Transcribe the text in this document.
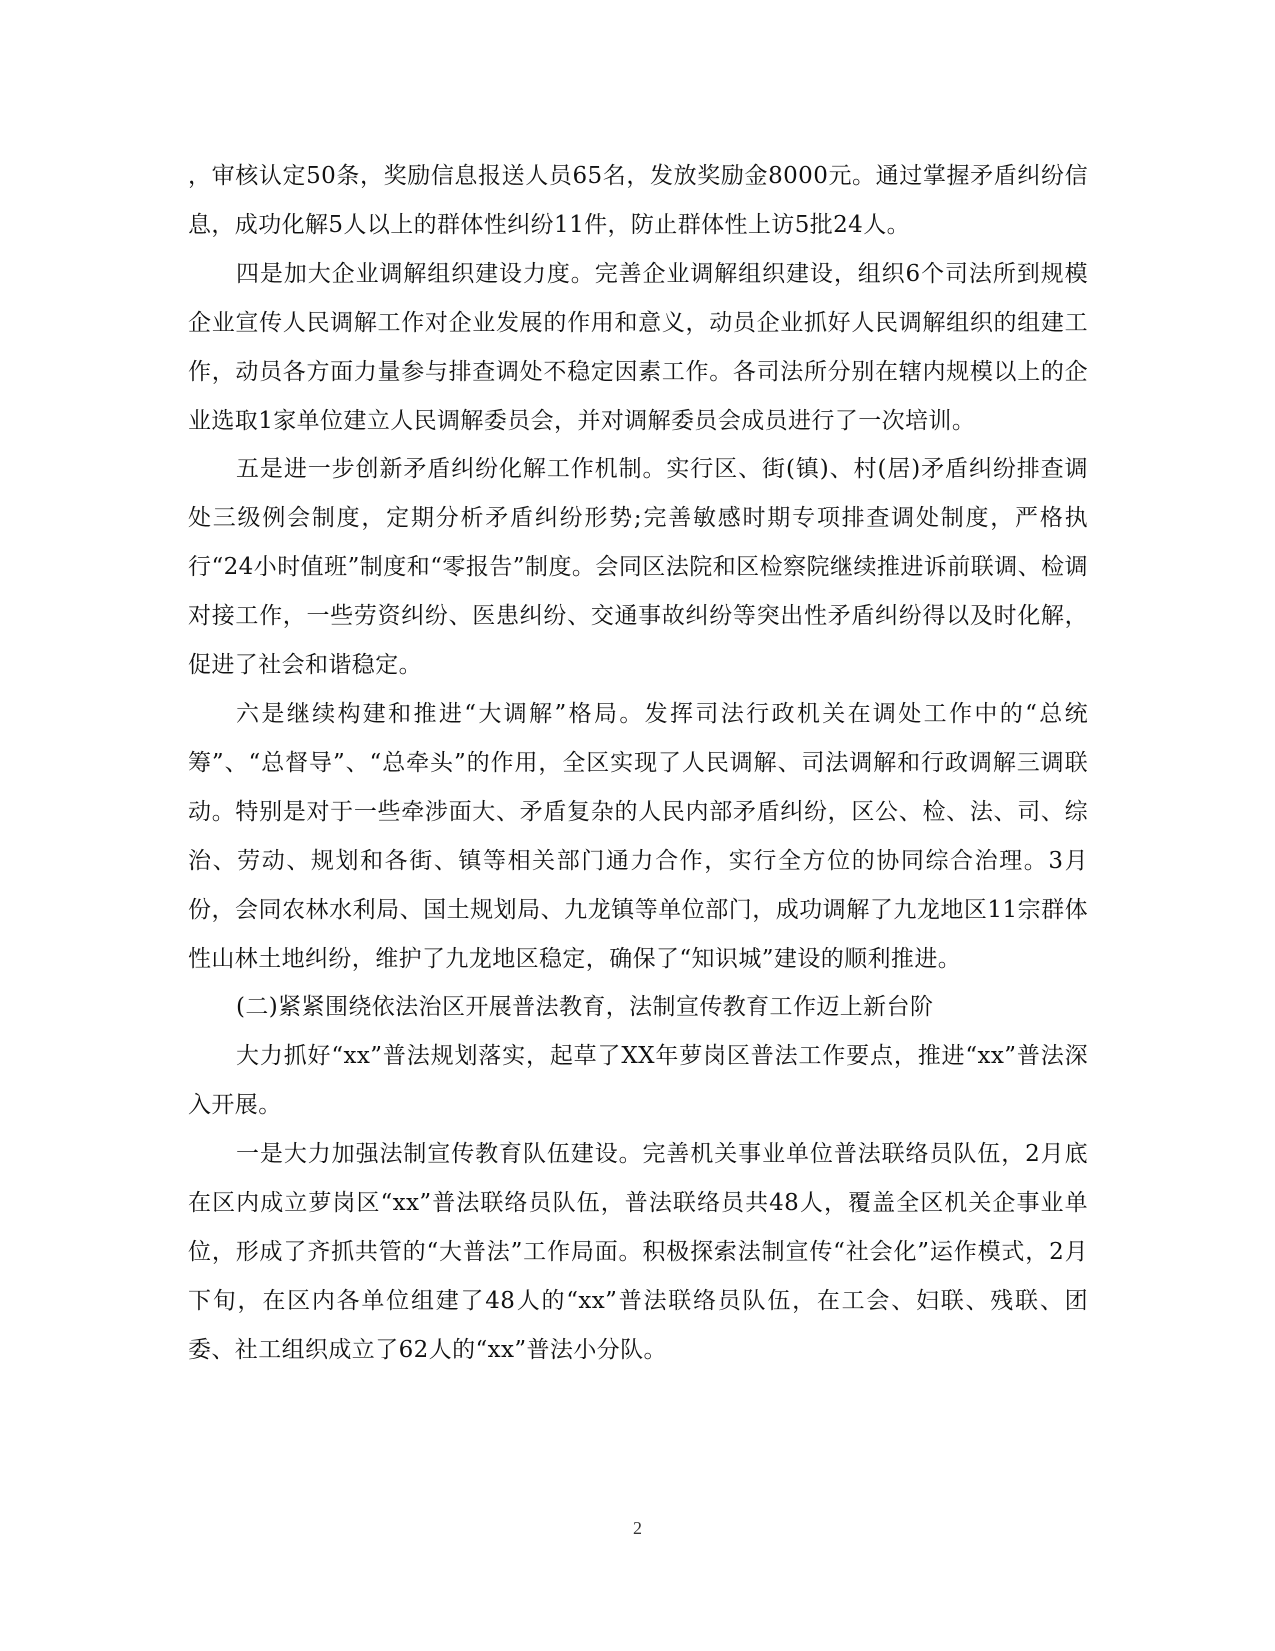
，审核认定50条，奖励信息报送人员65名，发放奖励金8000元。通过掌握矛盾纠纷信息，成功化解5人以上的群体性纠纷11件，防止群体性上访5批24人。

四是加大企业调解组织建设力度。完善企业调解组织建设，组织6个司法所到规模企业宣传人民调解工作对企业发展的作用和意义，动员企业抓好人民调解组织的组建工作，动员各方面力量参与排查调处不稳定因素工作。各司法所分别在辖内规模以上的企业选取1家单位建立人民调解委员会，并对调解委员会成员进行了一次培训。

五是进一步创新矛盾纠纷化解工作机制。实行区、街(镇)、村(居)矛盾纠纷排查调处三级例会制度，定期分析矛盾纠纷形势;完善敏感时期专项排查调处制度，严格执行“24小时值班”制度和“零报告”制度。会同区法院和区检察院继续推进诉前联调、检调对接工作，一些劳资纠纷、医患纠纷、交通事故纠纷等突出性矛盾纠纷得以及时化解，促进了社会和谐稳定。

六是继续构建和推进“大调解”格局。发挥司法行政机关在调处工作中的“总统筹”、“总督导”、“总牵头”的作用，全区实现了人民调解、司法调解和行政调解三调联动。特别是对于一些牵涉面大、矛盾复杂的人民内部矛盾纠纷，区公、检、法、司、综治、劳动、规划和各街、镇等相关部门通力合作，实行全方位的协同综合治理。3月份，会同农林水利局、国土规划局、九龙镇等单位部门，成功调解了九龙地区11宗群体性山林土地纠纷，维护了九龙地区稳定，确保了“知识城”建设的顺利推进。

(二)紧紧围绕依法治区开展普法教育，法制宣传教育工作迈上新台阶

大力抓好“xx”普法规划落实，起草了XX年萝岗区普法工作要点，推进“xx”普法深入开展。

一是大力加强法制宣传教育队伍建设。完善机关事业单位普法联络员队伍，2月底在区内成立萝岗区“xx”普法联络员队伍，普法联络员共48人，覆盖全区机关企事业单位，形成了齐抓共管的“大普法”工作局面。积极探索法制宣传“社会化”运作模式，2月下旬，在区内各单位组建了48人的“xx”普法联络员队伍，在工会、妇联、残联、团委、社工组织成立了62人的“xx”普法小分队。

2
